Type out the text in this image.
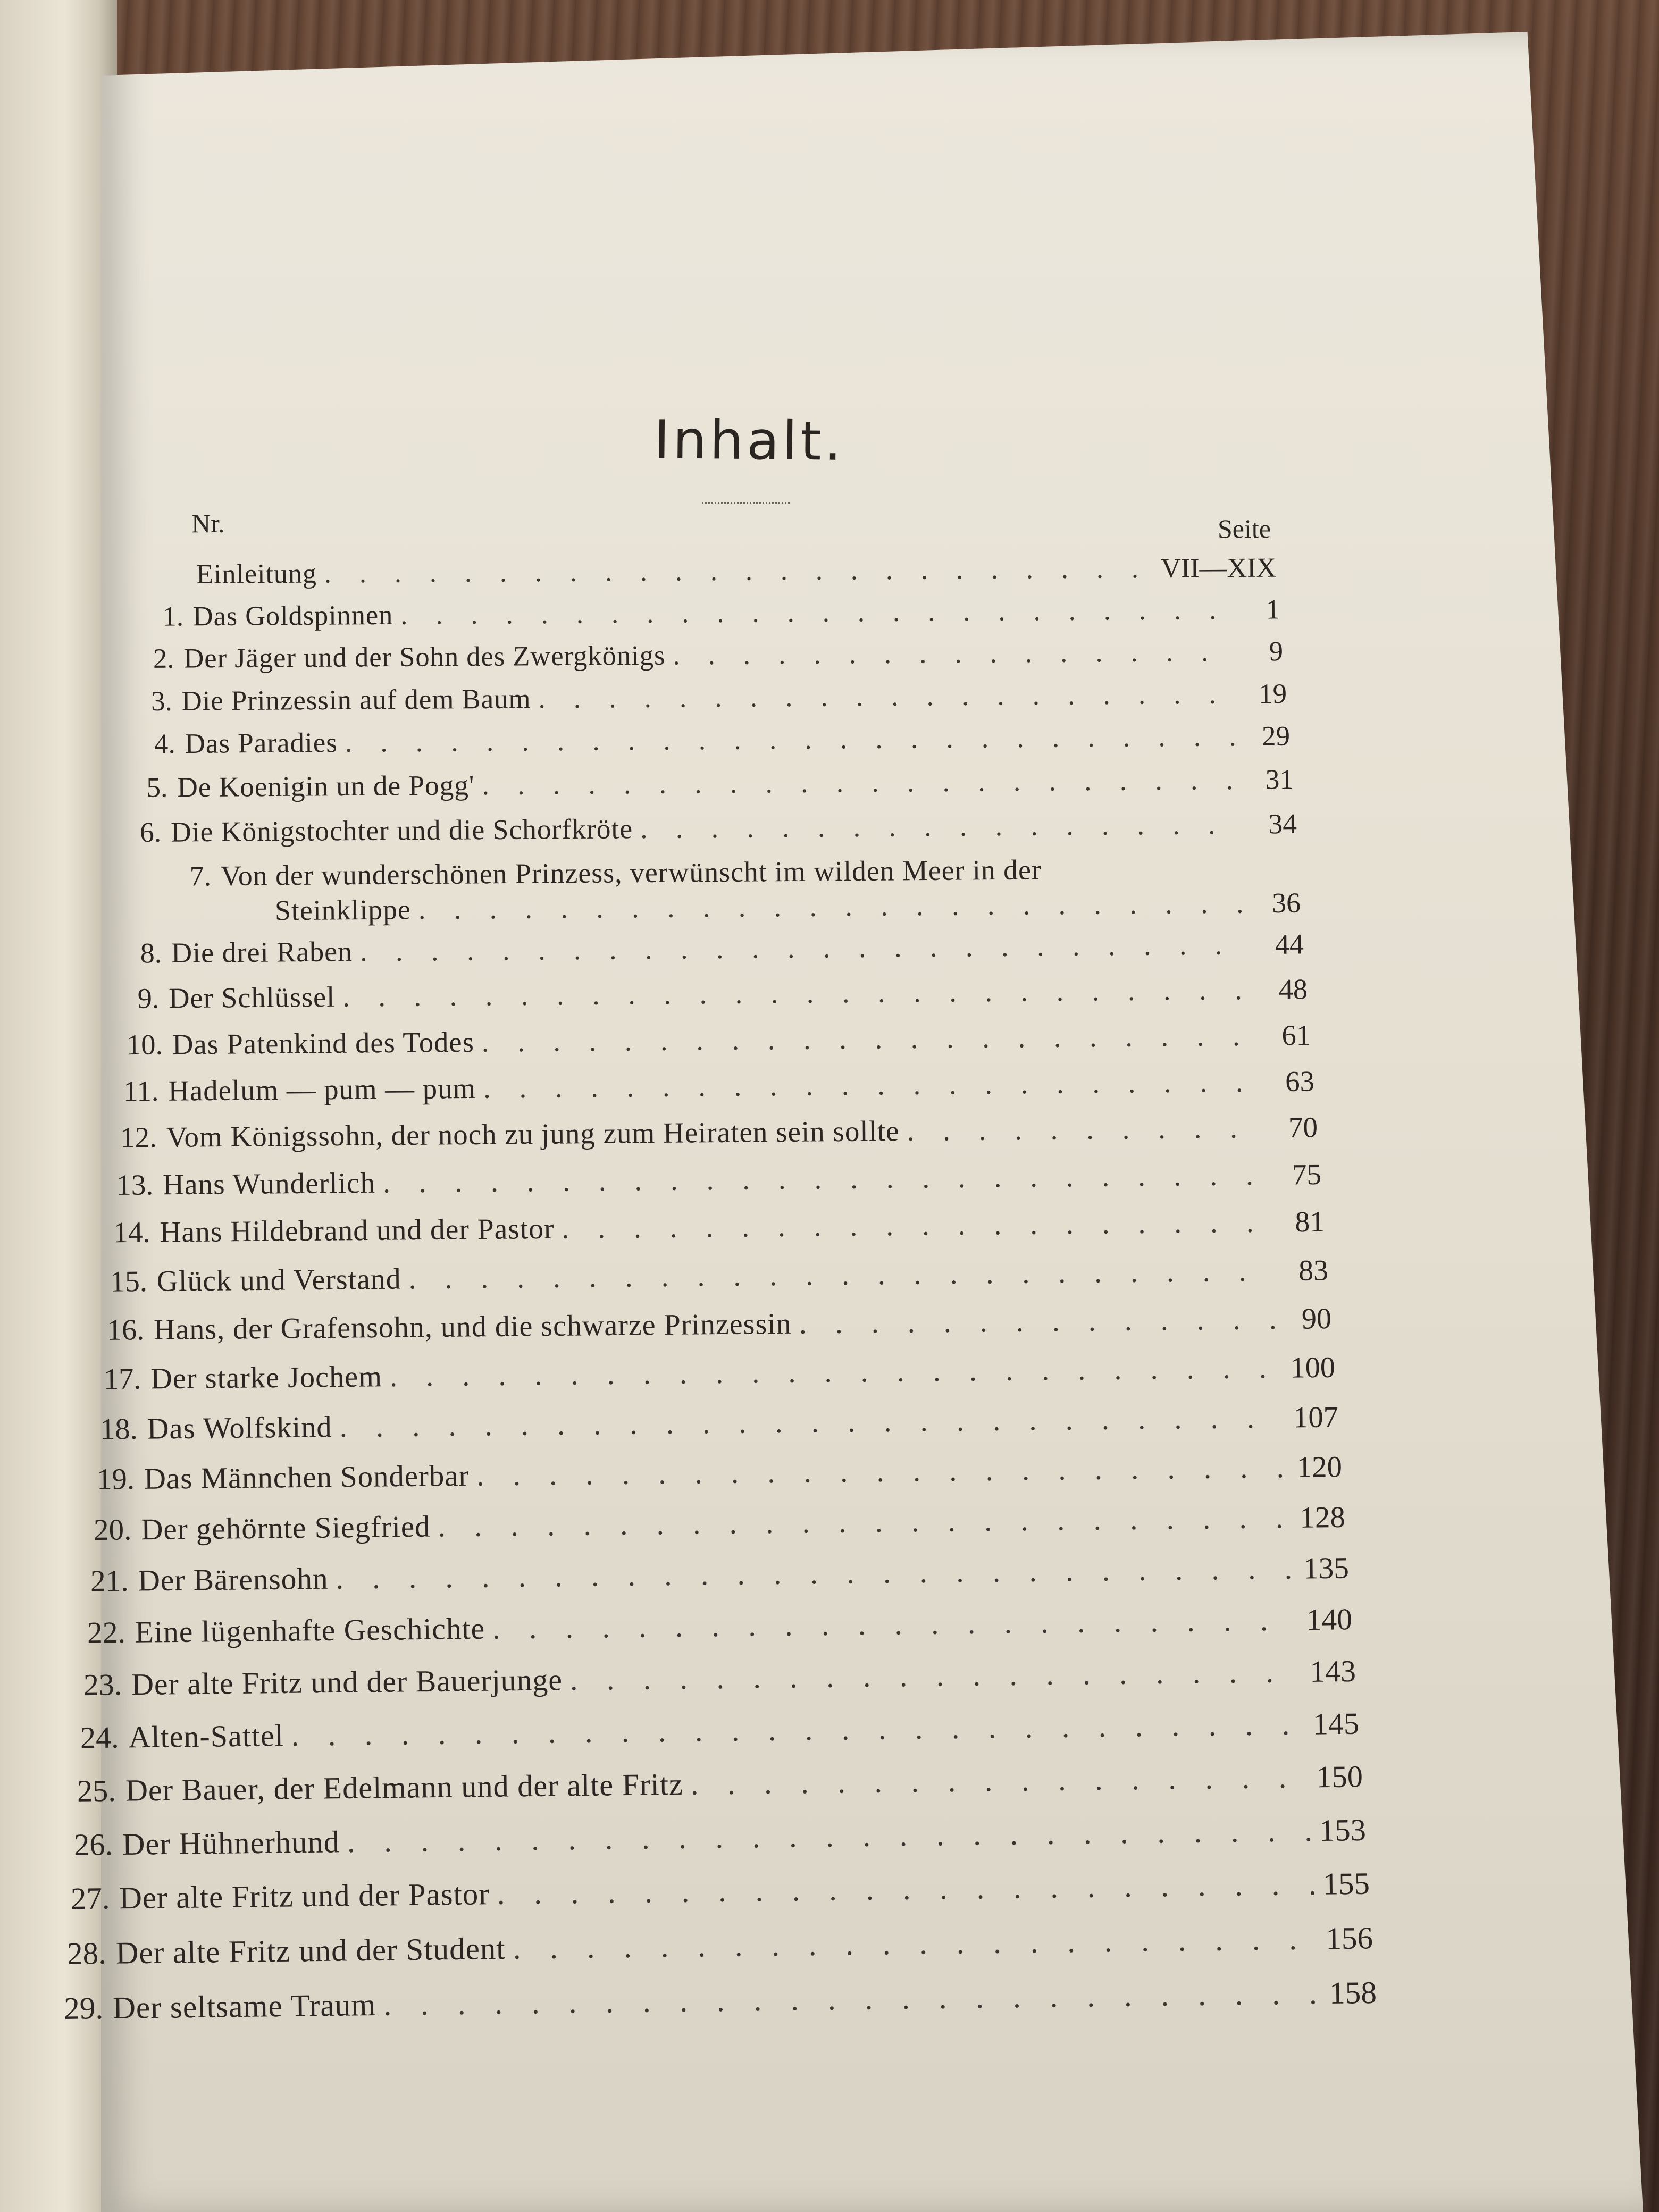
Inhalt.
Nr.	Seite
Einleitung . . .	VII—XIX
1. Das Goldspinnen . . .	1
2. Der Jäger und der Sohn des Zwergkönigs . . .	9
3. Die Prinzessin auf dem Baum . . .	19
4. Das Paradies . . .	29
5. De Koenigin un de Pogg' . . .	31
6. Die Königstochter und die Schorfkröte . . .	34
7. Von der wunderschönen Prinzess, verwünscht im wilden Meer in der
Steinklippe . . .	36
8. Die drei Raben . . .	44
9. Der Schlüssel . . .	48
10. Das Patenkind des Todes . . .	61
11. Hadelum — pum — pum . . .	63
12. Vom Königssohn, der noch zu jung zum Heiraten sein sollte . . .	70
13. Hans Wunderlich . . .	75
14. Hans Hildebrand und der Pastor . . .	81
15. Glück und Verstand . . .	83
16. Hans, der Grafensohn, und die schwarze Prinzessin . . .	90
17. Der starke Jochem . . .	100
18. Das Wolfskind . . .	107
19. Das Männchen Sonderbar . . .	120
20. Der gehörnte Siegfried . . .	128
21. Der Bärensohn . . .	135
22. Eine lügenhafte Geschichte . . .	140
23. Der alte Fritz und der Bauerjunge . . .	143
24. Alten-Sattel . . .	145
25. Der Bauer, der Edelmann und der alte Fritz . . .	150
26. Der Hühnerhund . . .	153
27. Der alte Fritz und der Pastor . . .	155
28. Der alte Fritz und der Student . . .	156
29. Der seltsame Traum . . .	158
